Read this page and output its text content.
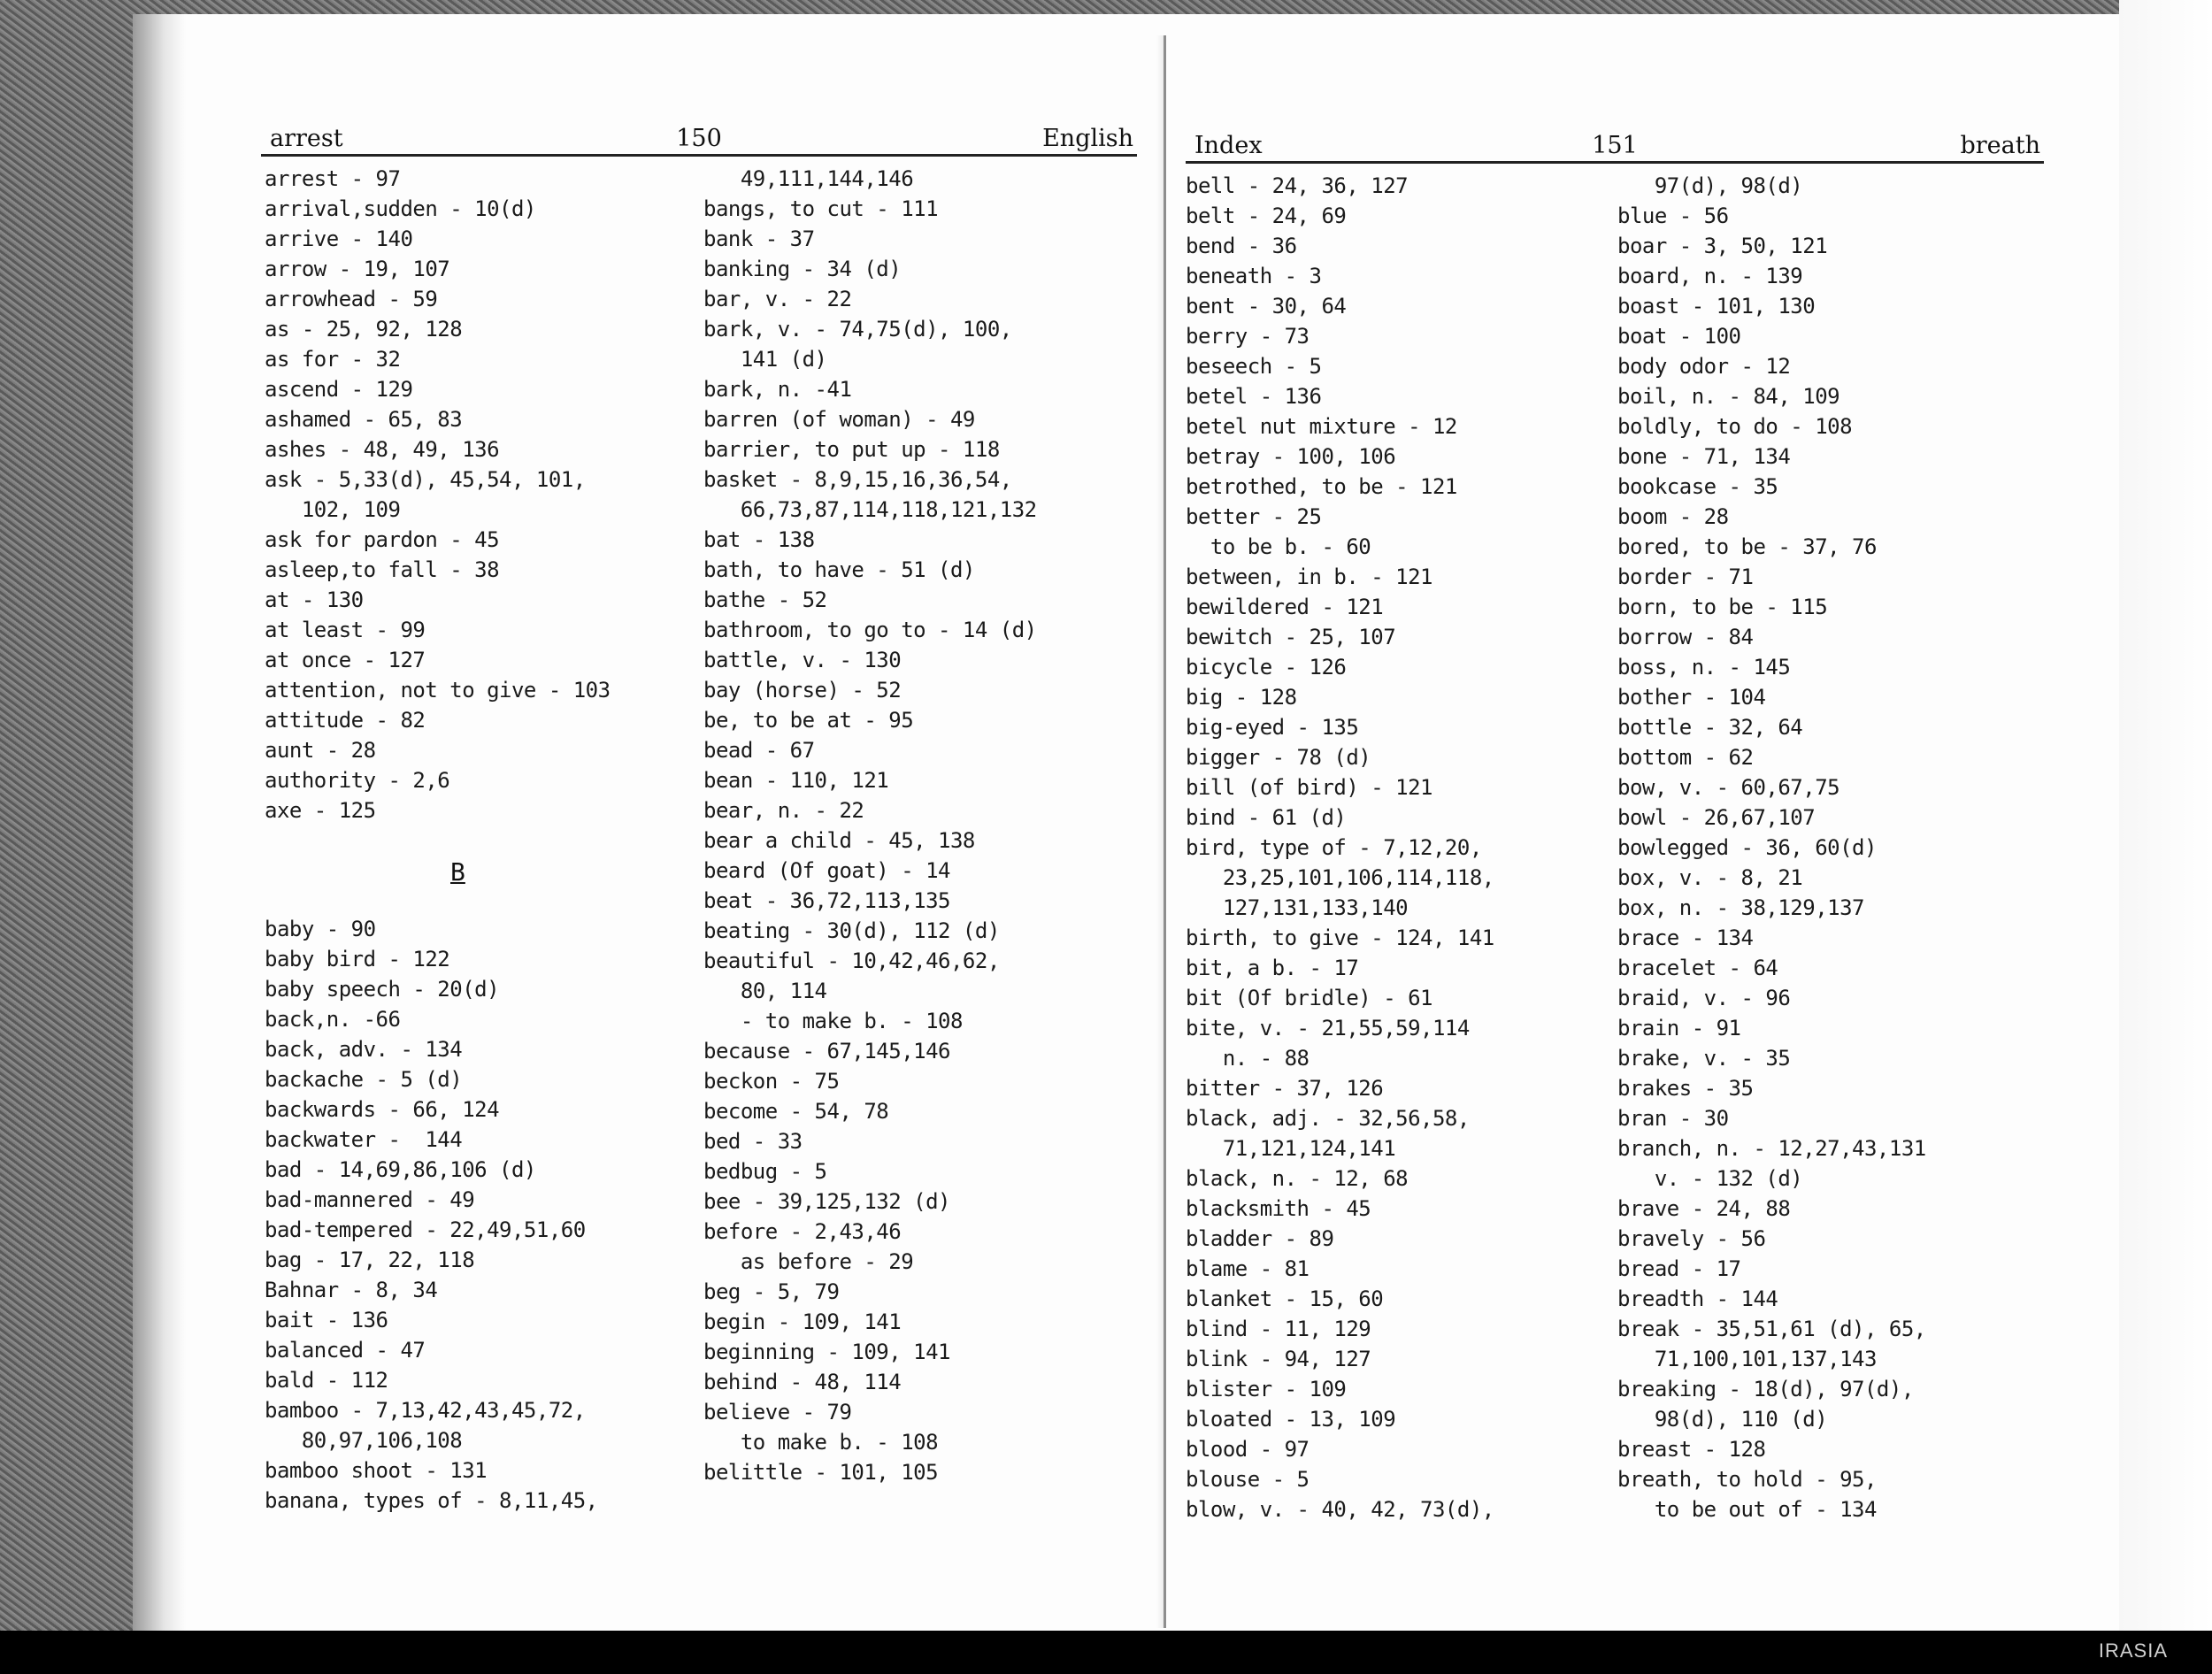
IRASIA
arrest	150	English
arrest - 97
arrival,sudden - 10(d)
arrive - 140
arrow - 19, 107
arrowhead - 59
as - 25, 92, 128
as for - 32
ascend - 129
ashamed - 65, 83
ashes - 48, 49, 136
ask - 5,33(d), 45,54, 101,
102, 109
ask for pardon - 45
asleep,to fall - 38
at - 130
at least - 99
at once - 127
attention, not to give - 103
attitude - 82
aunt - 28
authority - 2,6
axe - 125
B
baby - 90
baby bird - 122
baby speech - 20(d)
back,n. -66
back, adv. - 134
backache - 5 (d)
backwards - 66, 124
backwater -  144
bad - 14,69,86,106 (d)
bad-mannered - 49
bad-tempered - 22,49,51,60
bag - 17, 22, 118
Bahnar - 8, 34
bait - 136
balanced - 47
bald - 112
bamboo - 7,13,42,43,45,72,
80,97,106,108
bamboo shoot - 131
banana, types of - 8,11,45,
49,111,144,146
bangs, to cut - 111
bank - 37
banking - 34 (d)
bar, v. - 22
bark, v. - 74,75(d), 100,
141 (d)
bark, n. -41
barren (of woman) - 49
barrier, to put up - 118
basket - 8,9,15,16,36,54,
66,73,87,114,118,121,132
bat - 138
bath, to have - 51 (d)
bathe - 52
bathroom, to go to - 14 (d)
battle, v. - 130
bay (horse) - 52
be, to be at - 95
bead - 67
bean - 110, 121
bear, n. - 22
bear a child - 45, 138
beard (Of goat) - 14
beat - 36,72,113,135
beating - 30(d), 112 (d)
beautiful - 10,42,46,62,
80, 114
- to make b. - 108
because - 67,145,146
beckon - 75
become - 54, 78
bed - 33
bedbug - 5
bee - 39,125,132 (d)
before - 2,43,46
as before - 29
beg - 5, 79
begin - 109, 141
beginning - 109, 141
behind - 48, 114
believe - 79
to make b. - 108
belittle - 101, 105
Index	151	breath
bell - 24, 36, 127
belt - 24, 69
bend - 36
beneath - 3
bent - 30, 64
berry - 73
beseech - 5
betel - 136
betel nut mixture - 12
betray - 100, 106
betrothed, to be - 121
better - 25
to be b. - 60
between, in b. - 121
bewildered - 121
bewitch - 25, 107
bicycle - 126
big - 128
big-eyed - 135
bigger - 78 (d)
bill (of bird) - 121
bind - 61 (d)
bird, type of - 7,12,20,
23,25,101,106,114,118,
127,131,133,140
birth, to give - 124, 141
bit, a b. - 17
bit (Of bridle) - 61
bite, v. - 21,55,59,114
n. - 88
bitter - 37, 126
black, adj. - 32,56,58,
71,121,124,141
black, n. - 12, 68
blacksmith - 45
bladder - 89
blame - 81
blanket - 15, 60
blind - 11, 129
blink - 94, 127
blister - 109
bloated - 13, 109
blood - 97
blouse - 5
blow, v. - 40, 42, 73(d),
97(d), 98(d)
blue - 56
boar - 3, 50, 121
board, n. - 139
boast - 101, 130
boat - 100
body odor - 12
boil, n. - 84, 109
boldly, to do - 108
bone - 71, 134
bookcase - 35
boom - 28
bored, to be - 37, 76
border - 71
born, to be - 115
borrow - 84
boss, n. - 145
bother - 104
bottle - 32, 64
bottom - 62
bow, v. - 60,67,75
bowl - 26,67,107
bowlegged - 36, 60(d)
box, v. - 8, 21
box, n. - 38,129,137
brace - 134
bracelet - 64
braid, v. - 96
brain - 91
brake, v. - 35
brakes - 35
bran - 30
branch, n. - 12,27,43,131
v. - 132 (d)
brave - 24, 88
bravely - 56
bread - 17
breadth - 144
break - 35,51,61 (d), 65,
71,100,101,137,143
breaking - 18(d), 97(d),
98(d), 110 (d)
breast - 128
breath, to hold - 95,
to be out of - 134
